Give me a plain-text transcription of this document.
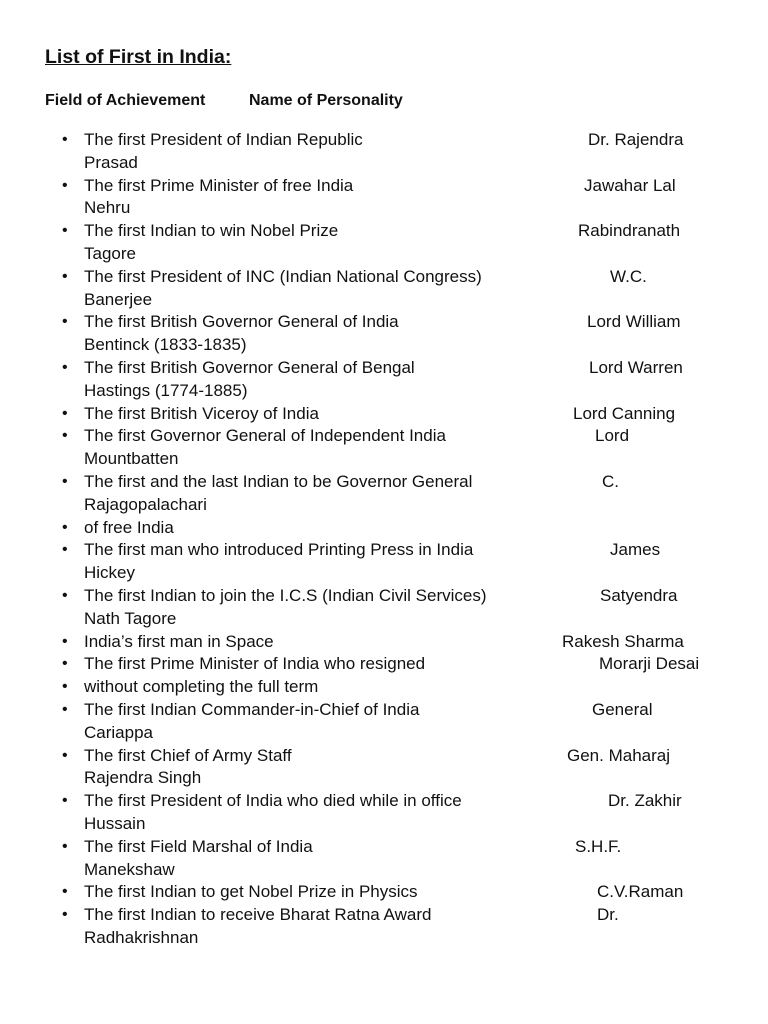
List of First in India:
Field of Achievement	Name of Personality
• The first President of Indian Republic	Dr. Rajendra
Prasad
• The first Prime Minister of free India	Jawahar Lal
Nehru
• The first Indian to win Nobel Prize	Rabindranath
Tagore
• The first President of INC (Indian National Congress)	W.C.
Banerjee
• The first British Governor General of India	Lord William
Bentinck (1833-1835)
• The first British Governor General of Bengal	Lord Warren
Hastings (1774-1885)
• The first British Viceroy of India	Lord Canning
• The first Governor General of Independent India	Lord
Mountbatten
• The first and the last Indian to be Governor General	C.
Rajagopalachari
• of free India
• The first man who introduced Printing Press in India	James
Hickey
• The first Indian to join the I.C.S (Indian Civil Services)	Satyendra
Nath Tagore
• India’s first man in Space	Rakesh Sharma
• The first Prime Minister of India who resigned	Morarji Desai
• without completing the full term
• The first Indian Commander-in-Chief of India	General
Cariappa
• The first Chief of Army Staff	Gen. Maharaj
Rajendra Singh
• The first President of India who died while in office	Dr. Zakhir
Hussain
• The first Field Marshal of India	S.H.F.
Manekshaw
• The first Indian to get Nobel Prize in Physics	C.V.Raman
• The first Indian to receive Bharat Ratna Award	Dr.
Radhakrishnan
